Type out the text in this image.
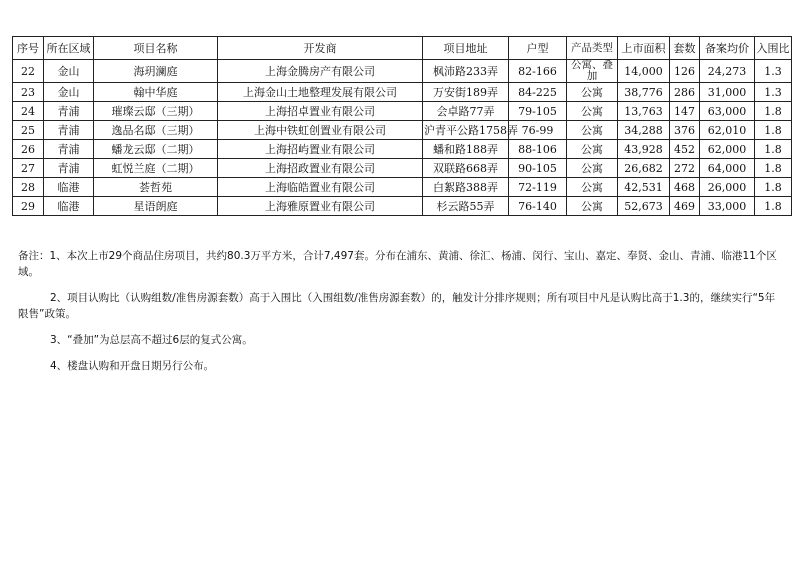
序号	所在区域	项目名称	开发商	项目地址	户型	产品类型	上市面积	套数	备案均价	入围比
22	金山	海玥澜庭	上海金腾房产有限公司	枫沛路233弄	82-166	公寓、叠加	14,000	126	24,273	1.3
23	金山	翰中华庭	上海金山土地整理发展有限公司	万安街189弄	84-225	公寓	38,776	286	31,000	1.3
24	青浦	璀璨云邸（三期）	上海招卓置业有限公司	会卓路77弄	79-105	公寓	13,763	147	63,000	1.8
25	青浦	逸品名邸（三期）	上海中铁虹创置业有限公司	沪青平公路1758弄	76-99	公寓	34,288	376	62,010	1.8
26	青浦	蟠龙云邸（二期）	上海招屿置业有限公司	蟠和路188弄	88-106	公寓	43,928	452	62,000	1.8
27	青浦	虹悦兰庭（二期）	上海招政置业有限公司	双联路668弄	90-105	公寓	26,682	272	64,000	1.8
28	临港	荟哲苑	上海临皓置业有限公司	白絮路388弄	72-119	公寓	42,531	468	26,000	1.8
29	临港	星语朗庭	上海雅原置业有限公司	杉云路55弄	76-140	公寓	52,673	469	33,000	1.8

备注：1、本次上市29个商品住房项目，共约80.3万平方米，合计7,497套。分布在浦东、黄浦、徐汇、杨浦、闵行、宝山、嘉定、奉贤、金山、青浦、临港11个区域。

2、项目认购比（认购组数/准售房源套数）高于入围比（入围组数/准售房源套数）的，触发计分排序规则；所有项目中凡是认购比高于1.3的，继续实行“5年限售”政策。

3、“叠加”为总层高不超过6层的复式公寓。

4、楼盘认购和开盘日期另行公布。
